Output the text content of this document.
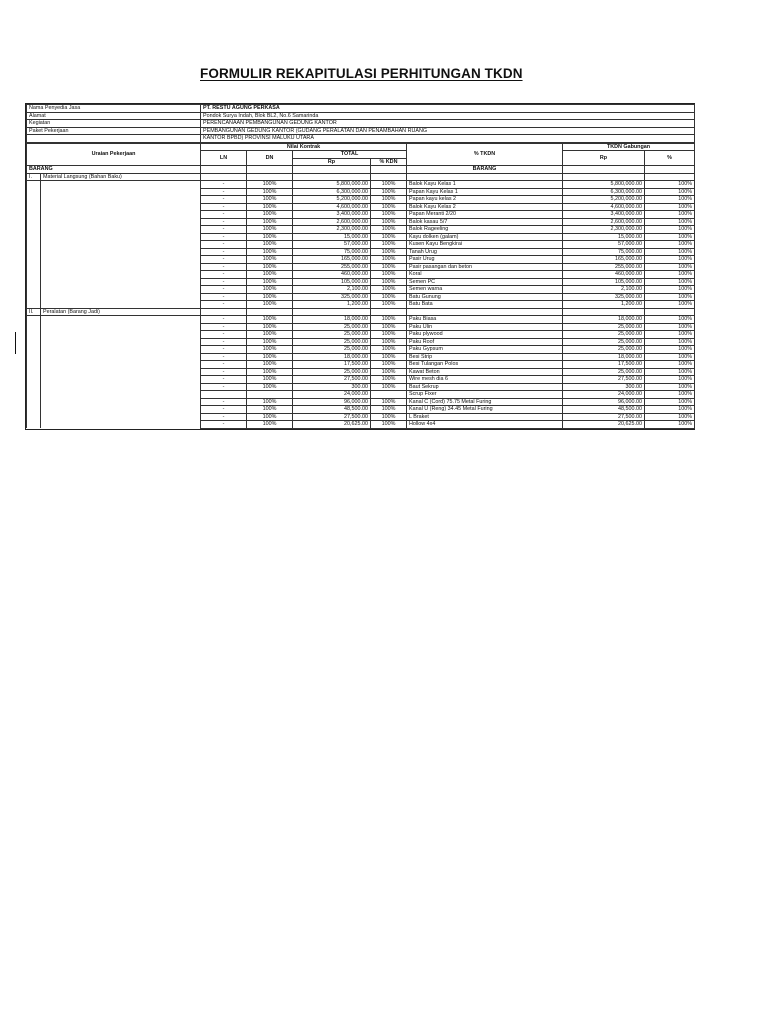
FORMULIR REKAPITULASI PERHITUNGAN TKDN
Nama Penyedia Jasa	PT. RESTU AGUNG PERKASA
Alamat	Pondok Surya Indah, Blok BL2, No.6 Samarinda
Kegiatan	PERENCANAAN PEMBANGUNAN GEDUNG KANTOR
Paket Pekerjaan	PEMBANGUNAN GEDUNG KANTOR (GUDANG PERALATAN DAN PENAMBAHAN RUANG
	KANTOR BPBD) PROVINSI MALUKU UTARA
Uraian Pekerjaan		Nilai Kontrak				% TKDN	TKDN Gabungan	
		LN	DN	TOTAL			Rp	%
				Rp	% KDN			
BARANG						BARANG		
I.	Material Langsung (Bahan Baku)							
		-	100%	5,800,000.00	100%	Balok Kayu Kelas 1	5,800,000.00	100%
		-	100%	6,300,000.00	100%	Papan Kayu Kelas 1	6,300,000.00	100%
		-	100%	5,200,000.00	100%	Papan kayu kelas 2	5,200,000.00	100%
		-	100%	4,600,000.00	100%	Balok Kayu Kelas 2	4,600,000.00	100%
		-	100%	3,400,000.00	100%	Papan Meranti 2/20	3,400,000.00	100%
		-	100%	2,600,000.00	100%	Balok kasau 5/7	2,600,000.00	100%
		-	100%	2,300,000.00	100%	Balok Rageeling	2,300,000.00	100%
		-	100%	15,000.00	100%	Kayu dolken (galam)	15,000.00	100%
		-	100%	57,000.00	100%	Kusen Kayu Bengkirai	57,000.00	100%
		-	100%	75,000.00	100%	Tanah Urug	75,000.00	100%
		-	100%	165,000.00	100%	Pasir Urug	165,000.00	100%
		-	100%	255,000.00	100%	Pasir pasangan dan beton	255,000.00	100%
		-	100%	460,000.00	100%	Koral	460,000.00	100%
		-	100%	105,000.00	100%	Semen PC	105,000.00	100%
		-	100%	2,100.00	100%	Semen warna	2,100.00	100%
		-	100%	325,000.00	100%	Batu Gunung	325,000.00	100%
		-	100%	1,200.00	100%	Batu Bata	1,200.00	100%
II.	Peralatan (Barang Jadi)							
		-	100%	18,000.00	100%	Paku Biasa	18,000.00	100%
		-	100%	25,000.00	100%	Paku Ulin	25,000.00	100%
		-	100%	25,000.00	100%	Paku plywood	25,000.00	100%
		-	100%	25,000.00	100%	Paku Roof	25,000.00	100%
		-	100%	25,000.00	100%	Paku Gypsum	25,000.00	100%
		-	100%	18,000.00	100%	Besi Strip	18,000.00	100%
		-	100%	17,500.00	100%	Besi Tulangan Polos	17,500.00	100%
		-	100%	25,000.00	100%	Kawat Beton	25,000.00	100%
		-	100%	27,500.00	100%	Wire mesh dia 6	27,500.00	100%
		-	100%	300.00	100%	Baut Sekrup	300.00	100%
				24,000.00		Scrup Fixer	24,000.00	100%
		-	100%	96,000.00	100%	Kanal C (Cord) 75.75 Metal Furing	96,000.00	100%
		-	100%	48,500.00	100%	Kanal U (Reng) 34.45 Metal Furing	48,500.00	100%
		-	100%	27,500.00	100%	L Braket	27,500.00	100%
		-	100%	20,625.00	100%	Hollow 4x4	20,625.00	100%
